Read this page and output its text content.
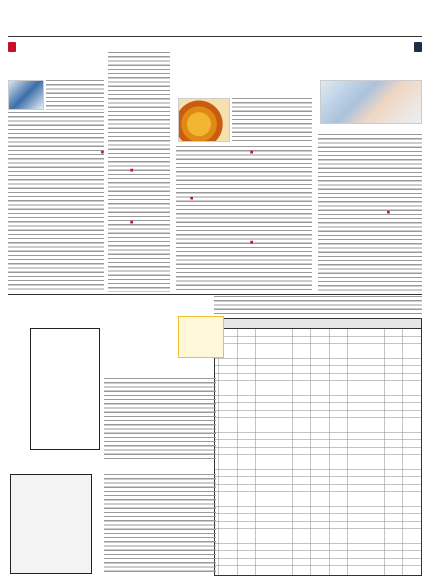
■
■
■
■
■
■
■
